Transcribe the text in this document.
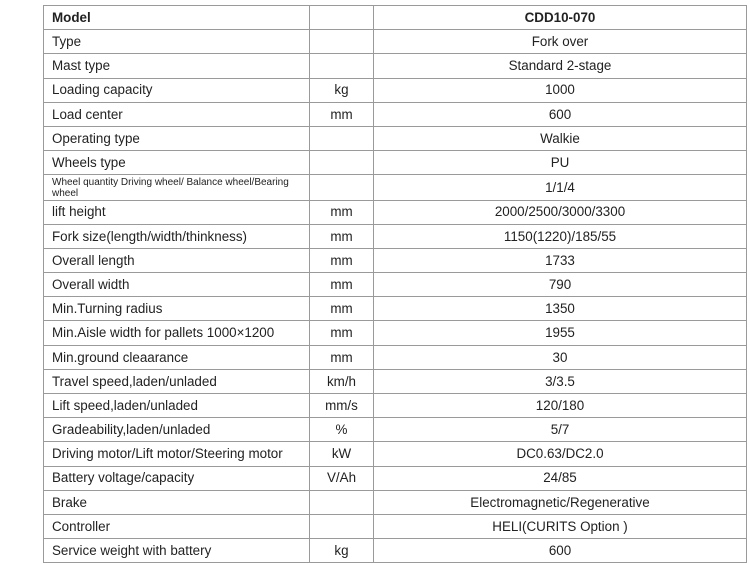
Model		CDD10-070
Type		Fork over
Mast type		Standard 2-stage
Loading capacity	kg	1000
Load center	mm	600
Operating type		Walkie
Wheels type		PU
Wheel quantity Driving wheel/ Balance wheel/Bearing wheel		1/1/4
lift height	mm	2000/2500/3000/3300
Fork size(length/width/thinkness)	mm	1150(1220)/185/55
Overall length	mm	1733
Overall width	mm	790
Min.Turning radius	mm	1350
Min.Aisle width for pallets 1000×1200	mm	1955
Min.ground cleaarance	mm	30
Travel speed,laden/unladed	km/h	3/3.5
Lift speed,laden/unladed	mm/s	120/180
Gradeability,laden/unladed	%	5/7
Driving motor/Lift motor/Steering motor	kW	DC0.63/DC2.0
Battery voltage/capacity	V/Ah	24/85
Brake		Electromagnetic/Regenerative
Controller		HELI(CURITS Option )
Service weight with battery	kg	600
